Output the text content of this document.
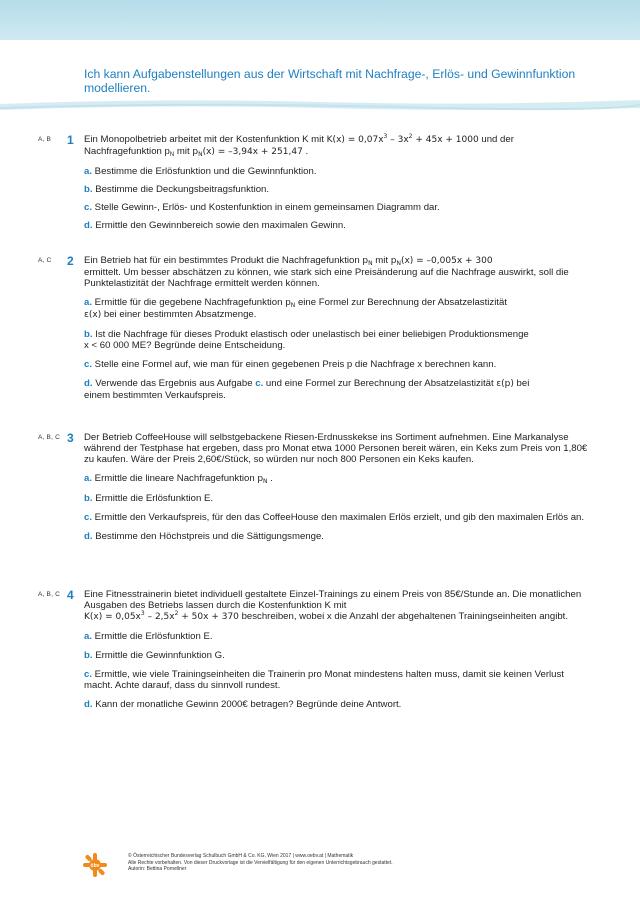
Ich kann Aufgabenstellungen aus der Wirtschaft mit Nachfrage-, Erlös- und Gewinnfunktion modellieren.
A, B	1 Ein Monopolbetrieb arbeitet mit der Kostenfunktion K mit $K(x) = 0,07x^3 - 3x^2 + 45x + 1000$ und der
Nachfragefunktion $p_N$ mit $p_N(x) = -3,94x + 251,47$ .

a. Bestimme die Erlösfunktion und die Gewinnfunktion.

b. Bestimme die Deckungsbeitragsfunktion.

c. Stelle Gewinn-, Erlös- und Kostenfunktion in einem gemeinsamen Diagramm dar.

d. Ermittle den Gewinnbereich sowie den maximalen Gewinn.

A, C	2 Ein Betrieb hat für ein bestimmtes Produkt die Nachfragefunktion $p_N$ mit $p_N(x) = -0,005x + 300$
ermittelt. Um besser abschätzen zu können, wie stark sich eine Preisänderung auf die Nachfrage auswirkt, soll die Punktelastizität der Nachfrage ermittelt werden können.

a. Ermittle für die gegebene Nachfragefunktion $p_N$ eine Formel zur Berechnung der Absatzelastizität
ε(x) bei einer bestimmten Absatzmenge.

b. Ist die Nachfrage für dieses Produkt elastisch oder unelastisch bei einer beliebigen Produktionsmenge
x < 60 000 ME? Begründe deine Entscheidung.

c. Stelle eine Formel auf, wie man für einen gegebenen Preis p die Nachfrage x berechnen kann.

d. Verwende das Ergebnis aus Aufgabe c. und eine Formel zur Berechnung der Absatzelastizität ε(p) bei
einem bestimmten Verkaufspreis.

A, B, C 3 Der Betrieb CoffeeHouse will selbstgebackene Riesen-Erdnusskekse ins Sortiment aufnehmen. Eine Markanalyse während der Testphase hat ergeben, dass pro Monat etwa 1000 Personen bereit wären, ein Keks zum Preis von 1,80€ zu kaufen. Wäre der Preis 2,60€/Stück, so würden nur noch 800 Personen ein Keks kaufen.

a. Ermittle die lineare Nachfragefunktion $p_N$ .

b. Ermittle die Erlösfunktion E.

c. Ermittle den Verkaufspreis, für den das CoffeeHouse den maximalen Erlös erzielt, und gib den maximalen Erlös an.

d. Bestimme den Höchstpreis und die Sättigungsmenge.

A, B, C 4 Eine Fitnesstrainerin bietet individuell gestaltete Einzel-Trainings zu einem Preis von 85€/Stunde an. Die monatlichen Ausgaben des Betriebs lassen durch die Kostenfunktion K mit
$K(x) = 0,05x^3 - 2,5x^2 + 50x + 370$ beschreiben, wobei x die Anzahl der abgehaltenen Trainingseinheiten angibt.

a. Ermittle die Erlösfunktion E.

b. Ermittle die Gewinnfunktion G.

c. Ermittle, wie viele Trainingseinheiten die Trainerin pro Monat mindestens halten muss, damit sie keinen Verlust macht. Achte darauf, dass du sinnvoll rundest.

d. Kann der monatliche Gewinn 2000€ betragen? Begründe deine Antwort.

öbv
© Österreichischer Bundesverlag Schulbuch GmbH & Co. KG, Wien 2017 | www.oebv.at | Mathematik
Alle Rechte vorbehalten. Von dieser Druckvorlage ist die Vervielfältigung für den eigenen Unterrichtsgebrauch gestattet.
Autorin: Bettina Pornellner
